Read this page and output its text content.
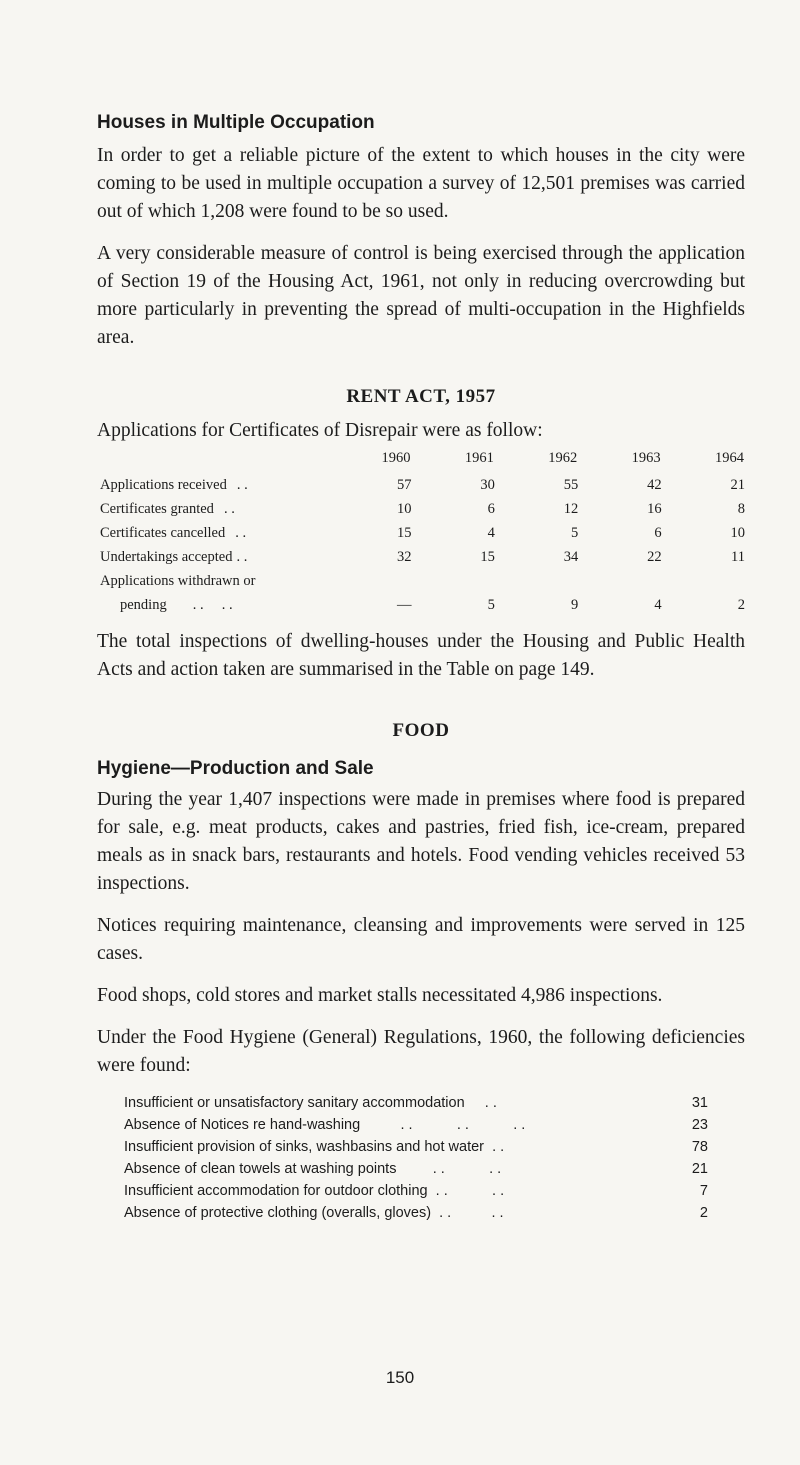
Houses in Multiple Occupation

In order to get a reliable picture of the extent to which houses in the city were coming to be used in multiple occupation a survey of 12,501 premises was carried out of which 1,208 were found to be so used.

A very considerable measure of control is being exercised through the application of Section 19 of the Housing Act, 1961, not only in reducing overcrowding but more particularly in preventing the spread of multi-occupation in the Highfields area.

RENT ACT, 1957

Applications for Certificates of Disrepair were as follow:

	1960	1961	1962	1963	1964
Applications received . .	57	30	55	42	21
Certificates granted . .	10	6	12	16	8
Certificates cancelled . .	15	4	5	6	10
Undertakings accepted . .	32	15	34	22	11
Applications withdrawn or					
pending . .     . .	—	5	9	4	2

The total inspections of dwelling-houses under the Housing and Public Health Acts and action taken are summarised in the Table on page 149.

FOOD
Hygiene—Production and Sale

During the year 1,407 inspections were made in premises where food is prepared for sale, e.g. meat products, cakes and pastries, fried fish, ice-cream, prepared meals as in snack bars, restaurants and hotels. Food vending vehicles received 53 inspections.

Notices requiring maintenance, cleansing and improvements were served in 125 cases.

Food shops, cold stores and market stalls necessitated 4,986 inspections.

Under the Food Hygiene (General) Regulations, 1960, the following deficiencies were found:

Insufficient or unsatisfactory sanitary accommodation     . .	31
Absence of Notices re hand-washing          . .           . .           . .	23
Insufficient provision of sinks, washbasins and hot water  . .	78
Absence of clean towels at washing points         . .           . .	21
Insufficient accommodation for outdoor clothing  . .           . .	7
Absence of protective clothing (overalls, gloves)  . .          . .	2
150
